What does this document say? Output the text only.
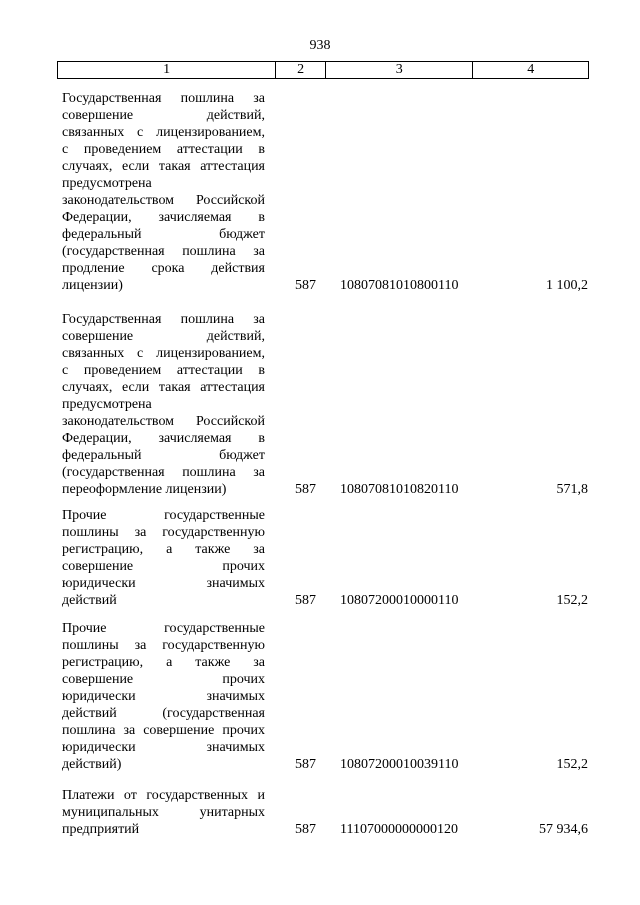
938
1	2	3	4
Государственная пошлина за
совершение действий,
связанных с лицензированием,
с проведением аттестации в
случаях, если такая аттестация
предусмотрена
законодательством Российской
Федерации, зачисляемая в
федеральный бюджет
(государственная пошлина за
продление срока действия
лицензии)	587 10807081010800110	1 100,2
Государственная пошлина за
совершение действий,
связанных с лицензированием,
с проведением аттестации в
случаях, если такая аттестация
предусмотрена
законодательством Российской
Федерации, зачисляемая в
федеральный бюджет
(государственная пошлина за
переоформление лицензии)	587 10807081010820110	571,8
Прочие государственные
пошлины за государственную
регистрацию, а также за
совершение прочих
юридически значимых
действий	587 10807200010000110	152,2
Прочие государственные
пошлины за государственную
регистрацию, а также за
совершение прочих
юридически значимых
действий (государственная
пошлина за совершение прочих
юридически значимых
действий)	587 10807200010039110	152,2
Платежи от государственных и
муниципальных унитарных
предприятий	587 11107000000000120	57 934,6
